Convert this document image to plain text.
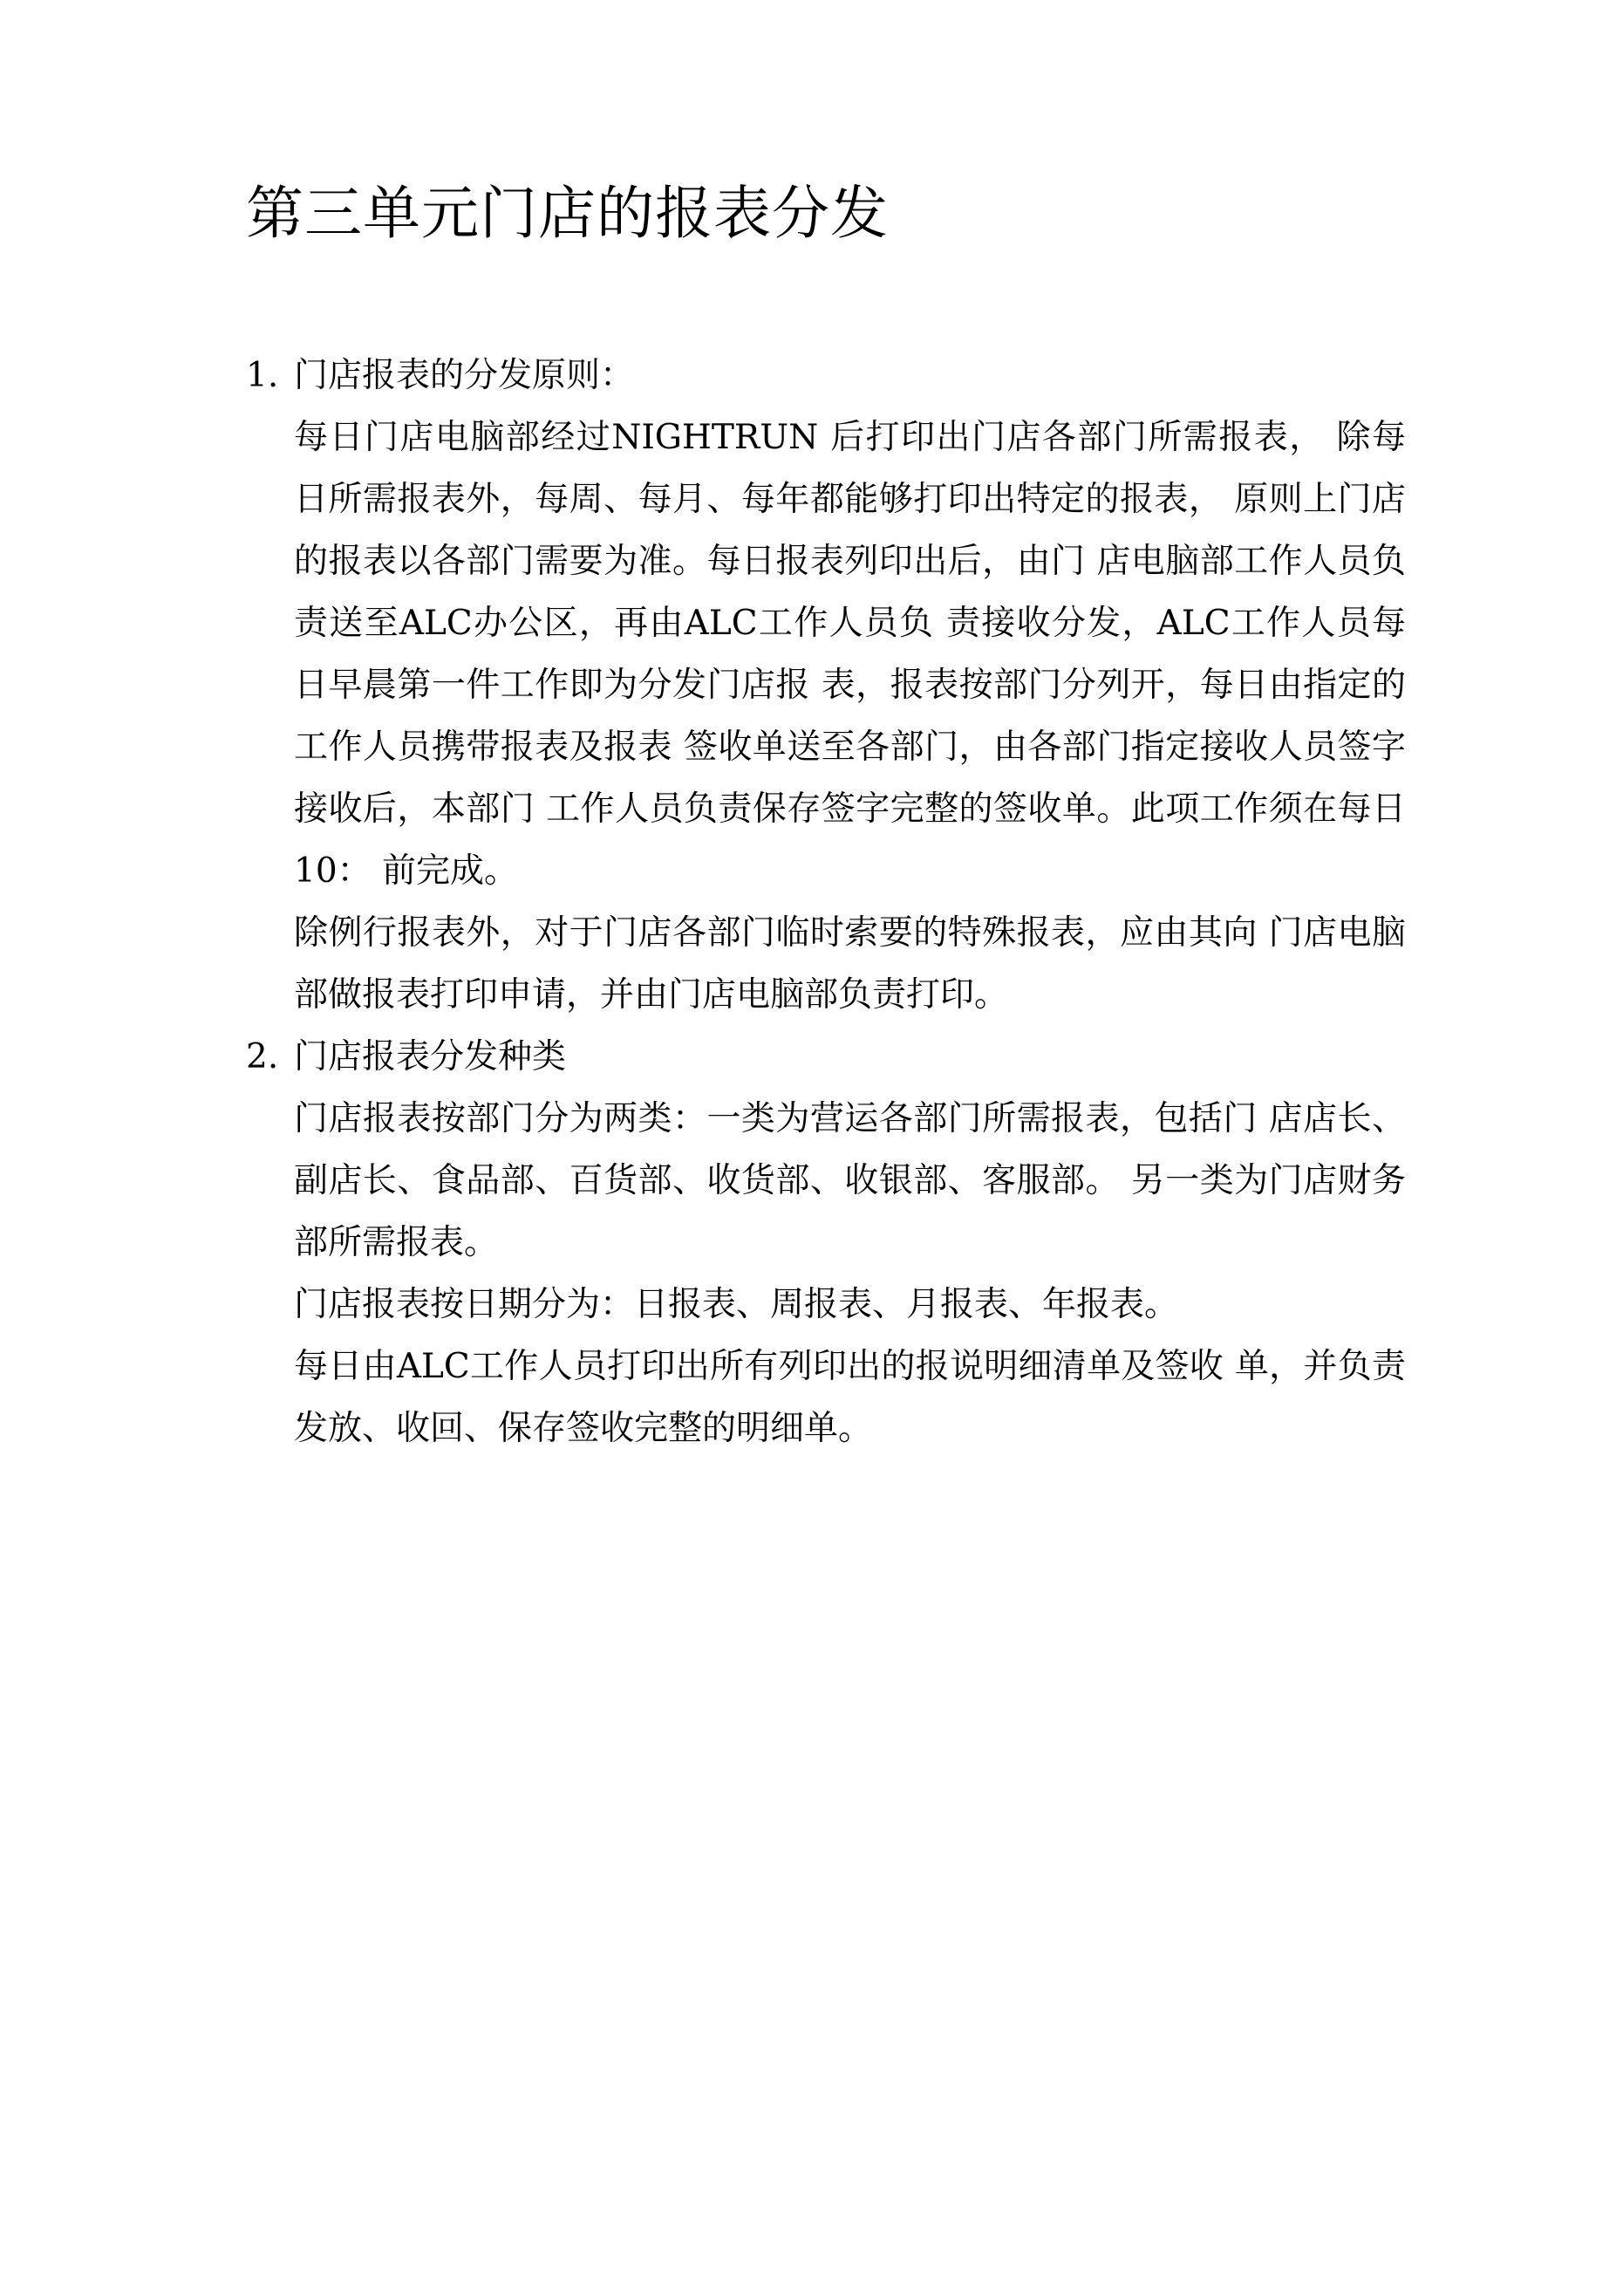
第三单元门店的报表分发
1. 门店报表的分发原则：

每日门店电脑部经过NIGHTRUN 后打印出门店各部门所需报表， 除每日所需报表外，每周、每月、每年都能够打印出特定的报表， 原则上门店的报表以各部门需要为准。每日报表列印出后，由门 店电脑部工作人员负责送至ALC办公区，再由ALC工作人员负 责接收分发，ALC工作人员每日早晨第一件工作即为分发门店报 表，报表按部门分列开，每日由指定的工作人员携带报表及报表 签收单送至各部门，由各部门指定接收人员签字接收后，本部门 工作人员负责保存签字完整的签收单。此项工作须在每日10： 前完成。

除例行报表外，对于门店各部门临时索要的特殊报表，应由其向 门店电脑部做报表打印申请，并由门店电脑部负责打印。

2. 门店报表分发种类

门店报表按部门分为两类：一类为营运各部门所需报表，包括门 店店长、副店长、食品部、百货部、收货部、收银部、客服部。 另一类为门店财务部所需报表。

门店报表按日期分为：日报表、周报表、月报表、年报表。

每日由ALC工作人员打印出所有列印出的报说明细清单及签收 单，并负责发放、收回、保存签收完整的明细单。
